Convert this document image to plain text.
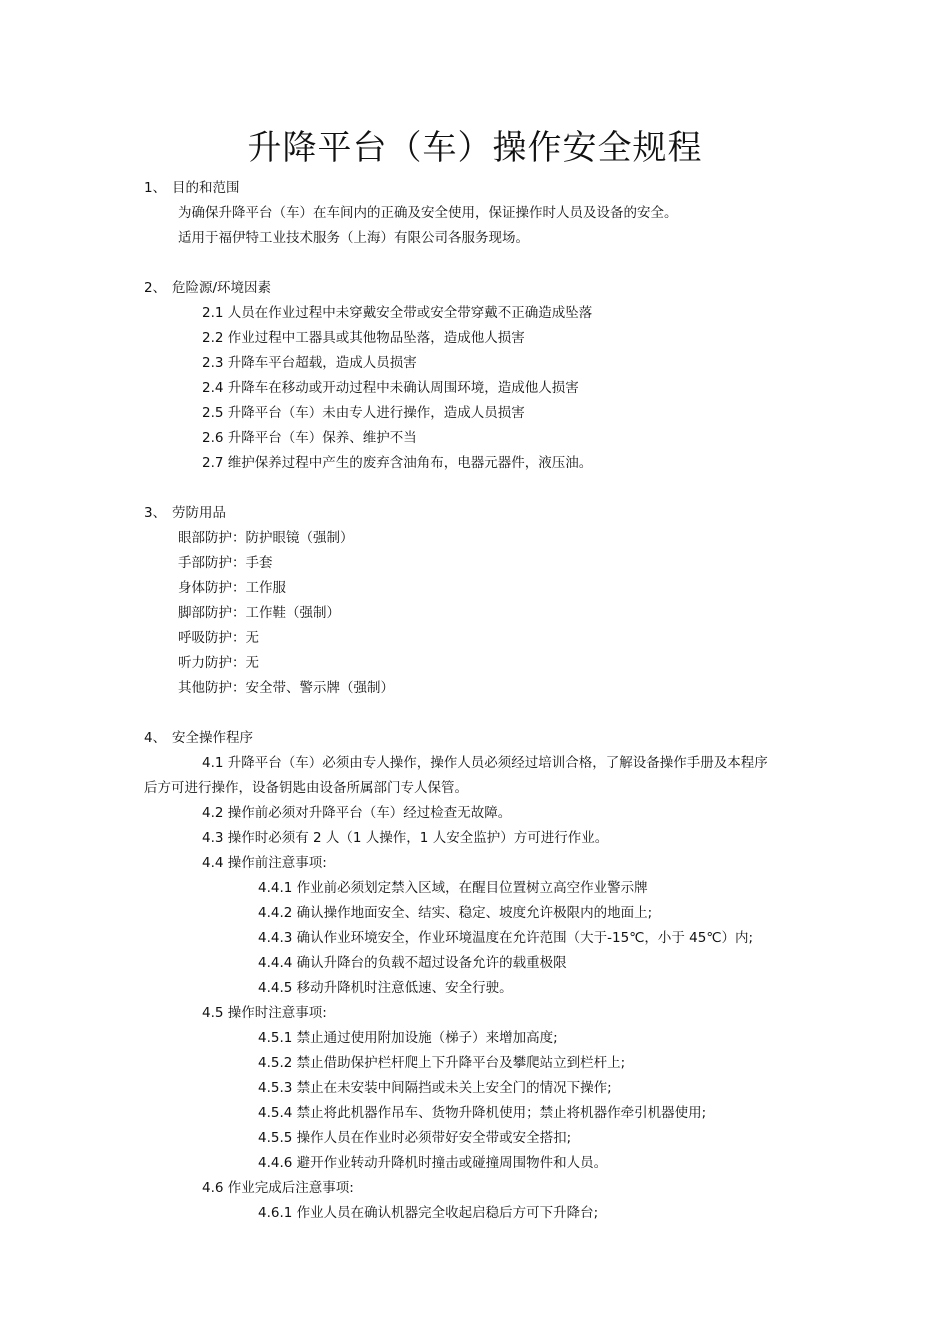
升降平台（车）操作安全规程
1、 目的和范围
为确保升降平台（车）在车间内的正确及安全使用，保证操作时人员及设备的安全。
适用于福伊特工业技术服务（上海）有限公司各服务现场。
2、 危险源/环境因素
2.1 人员在作业过程中未穿戴安全带或安全带穿戴不正确造成坠落
2.2 作业过程中工器具或其他物品坠落，造成他人损害
2.3 升降车平台超载，造成人员损害
2.4 升降车在移动或开动过程中未确认周围环境，造成他人损害
2.5 升降平台（车）未由专人进行操作，造成人员损害
2.6 升降平台（车）保养、维护不当
2.7 维护保养过程中产生的废弃含油角布，电器元器件，液压油。
3、 劳防用品
眼部防护：防护眼镜（强制）
手部防护：手套
身体防护：工作服
脚部防护：工作鞋（强制）
呼吸防护：无
听力防护：无
其他防护：安全带、警示牌（强制）
4、 安全操作程序
4.1 升降平台（车）必须由专人操作，操作人员必须经过培训合格，了解设备操作手册及本程序
后方可进行操作，设备钥匙由设备所属部门专人保管。
4.2 操作前必须对升降平台（车）经过检查无故障。
4.3 操作时必须有 2 人（1 人操作，1 人安全监护）方可进行作业。
4.4 操作前注意事项:
4.4.1 作业前必须划定禁入区域，在醒目位置树立高空作业警示牌
4.4.2 确认操作地面安全、结实、稳定、坡度允许极限内的地面上;
4.4.3 确认作业环境安全，作业环境温度在允许范围（大于-15℃，小于 45℃）内;
4.4.4 确认升降台的负载不超过设备允许的载重极限
4.4.5 移动升降机时注意低速、安全行驶。
4.5 操作时注意事项:
4.5.1 禁止通过使用附加设施（梯子）来增加高度;
4.5.2 禁止借助保护栏杆爬上下升降平台及攀爬站立到栏杆上;
4.5.3 禁止在未安装中间隔挡或未关上安全门的情况下操作;
4.5.4 禁止将此机器作吊车、货物升降机使用；禁止将机器作牵引机器使用;
4.5.5 操作人员在作业时必须带好安全带或安全搭扣;
4.4.6 避开作业转动升降机时撞击或碰撞周围物件和人员。
4.6 作业完成后注意事项:
4.6.1 作业人员在确认机器完全收起启稳后方可下升降台;
